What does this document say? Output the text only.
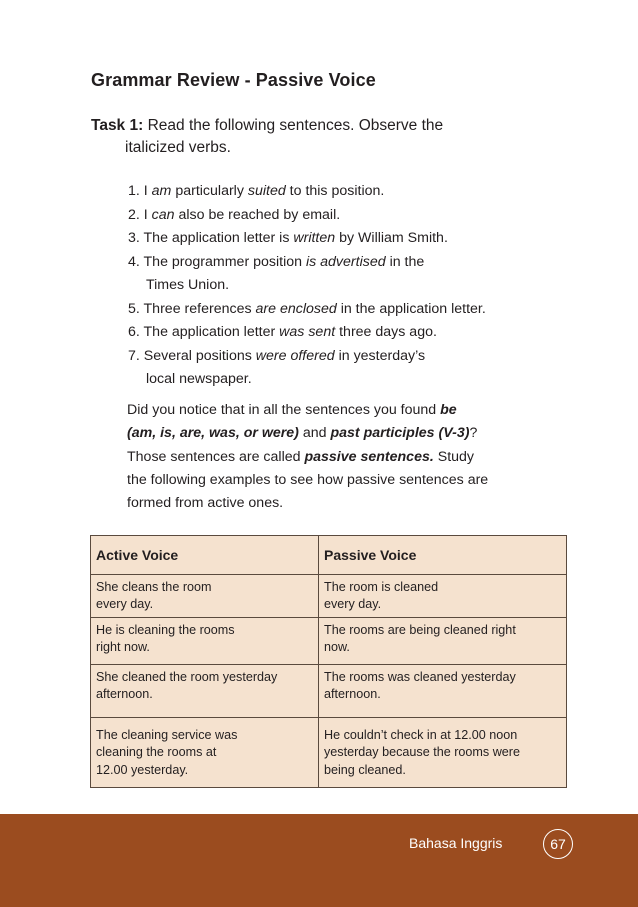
Grammar Review - Passive Voice
Task 1: Read the following sentences. Observe the
italicized verbs.
1. I am particularly suited to this position.
2. I can also be reached by email.
3. The application letter is written by William Smith.
4. The programmer position is advertised in the
Times Union.
5. Three references are enclosed in the application letter.
6. The application letter was sent three days ago.
7. Several positions were offered in yesterday’s
local newspaper.
Did you notice that in all the sentences you found be
(am, is, are, was, or were) and past participles (V-3)?
Those sentences are called passive sentences. Study
the following examples to see how passive sentences are
formed from active ones.
Active Voice	Passive Voice

She cleans the room
every day.	The room is cleaned
every day.

He is cleaning the rooms
right now.	The rooms are being cleaned right
now.

She cleaned the room yesterday
afternoon.	The rooms was cleaned yesterday
afternoon.

The cleaning service was
cleaning the rooms at
12.00 yesterday.	He couldn’t check in at 12.00 noon
yesterday because the rooms were
being cleaned.
Bahasa Inggris	67
